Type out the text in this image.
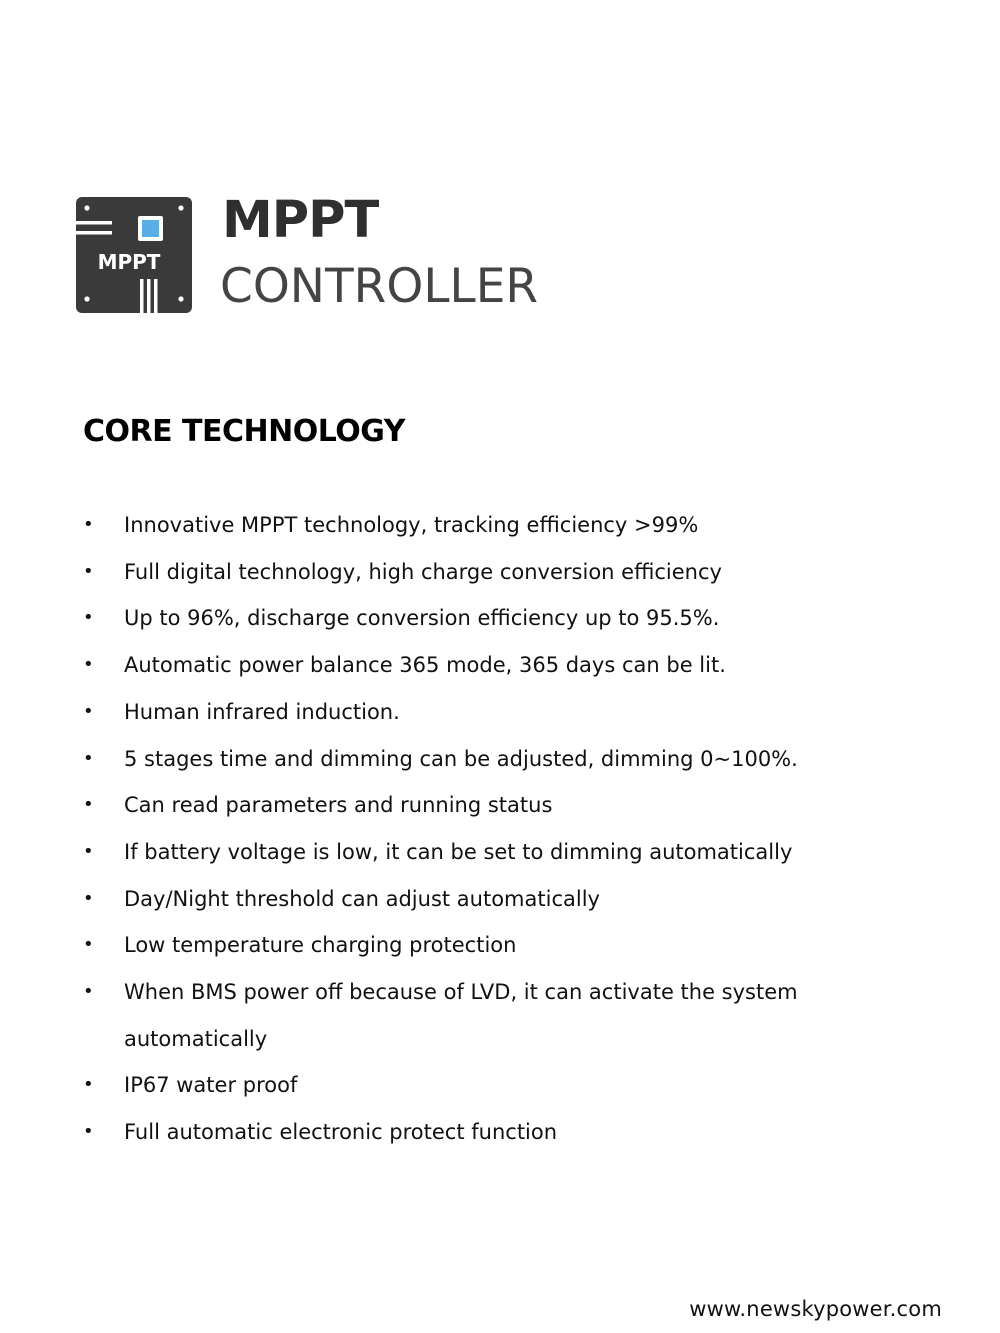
MPPT
MPPT
CONTROLLER
CORE TECHNOLOGY
• Innovative MPPT technology, tracking efficiency >99%
• Full digital technology, high charge conversion efficiency
• Up to 96%, discharge conversion efficiency up to 95.5%.
• Automatic power balance 365 mode, 365 days can be lit.
• Human infrared induction.
• 5 stages time and dimming can be adjusted, dimming 0~100%.
• Can read parameters and running status
• If battery voltage is low, it can be set to dimming automatically
• Day/Night threshold can adjust automatically
• Low temperature charging protection
• When BMS power off because of LVD, it can activate the system automatically
• IP67 water proof
• Full automatic electronic protect function
www.newskypower.com
